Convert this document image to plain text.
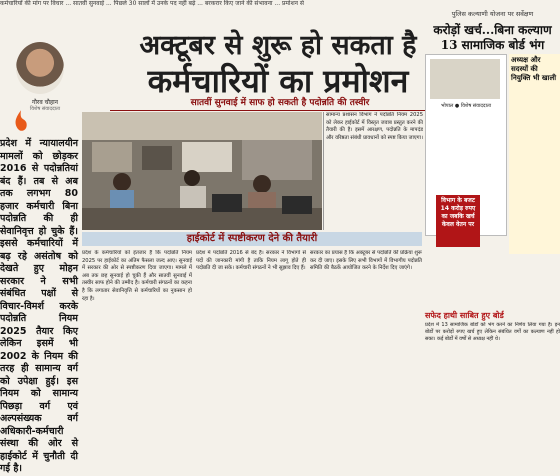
कर्मचारियों की मांग पर विचार ... सातवीं सुनवाई ... पिछले 30 सालों में उनके पद नहीं बढ़े ... बरकरार किए जाने की संभावना ... प्रमोशन से
गौरव चौहान
विशेष संवाददाता
प्रदेश में न्यायालयीन मामलों को छोड़कर 2016 से पदोन्नतियां बंद हैं। तब से अब तक लगभग 80 हजार कर्मचारी बिना पदोन्नति की ही सेवानिवृत्त हो चुके हैं। इससे कर्मचारियों में बढ़ रहे असंतोष को देखते हुए मोहन सरकार ने सभी संबंधित पक्षों से विचार-विमर्श करके पदोन्नति नियम 2025 तैयार किए लेकिन इसमें भी 2002 के नियम की तरह ही सामान्य वर्ग को उपेक्षा हुई। इस नियम को सामान्य पिछड़ा वर्ग एवं अल्पसंख्यक वर्ग अधिकारी-कर्मचारी संस्था की ओर से हाईकोर्ट में चुनौती दी गई है।
अक्टूबर से शुरू हो सकता है
कर्मचारियों का प्रमोशन
सातवीं सुनवाई में साफ हो सकती है पदोन्नति की तस्वीर
सामान्य प्रशासन विभाग ने पदोन्नति नियम 2025 को लेकर हाईकोर्ट में विस्तृत जवाब प्रस्तुत करने की तैयारी की है। इसमें आरक्षण, पदोन्नति के मापदंड और वरिष्ठता संबंधी प्रावधानों को स्पष्ट किया जाएगा।
हाईकोर्ट में स्पष्टीकरण देने की तैयारी
प्रदेश के कर्मचारियों को इंतजार है कि पदोन्नति नियम 2025 पर हाईकोर्ट का अंतिम फैसला जल्द आए। सुनवाई में सरकार की ओर से स्पष्टीकरण दिया जाएगा। मामले में अब तक छह सुनवाई हो चुकी हैं और सातवीं सुनवाई में तस्वीर साफ होने की उम्मीद है। कर्मचारी संगठनों का कहना है कि लगातार सेवानिवृत्ति से कर्मचारियों का नुकसान हो रहा है।
प्रदेश में पदोन्नति 2016 से बंद है। सरकार ने विभागों से पदों की जानकारी मांगी है ताकि नियम लागू होते ही पदोन्नति दी जा सके। कर्मचारी संगठनों ने भी सुझाव दिए हैं।
सरकार का प्रयास है कि अक्टूबर से पदोन्नति की प्रक्रिया शुरू कर दी जाए। इसके लिए सभी विभागों में विभागीय पदोन्नति समिति की बैठकें आयोजित करने के निर्देश दिए जाएंगे।
पुलिस कल्याणी योजना पर सर्वेक्षण
करोड़ों खर्च...बिना कल्याण
13 सामाजिक बोर्ड भंग
भोपाल ● विशेष संवाददाता
विभाग के बजट 14 करोड़ रुपए का जबकि खर्च केवल वेतन पर
अध्यक्ष और सदस्यों की नियुक्ति भी खाली
सफेद हाथी साबित हुए बोर्ड
प्रदेश में 13 सामाजिक बोर्डों को भंग करने का निर्णय लिया गया है। इन बोर्डों पर करोड़ों रुपए खर्च हुए लेकिन संबंधित वर्गों का कल्याण नहीं हो सका। कई बोर्डों में वर्षों से अध्यक्ष नहीं थे।
